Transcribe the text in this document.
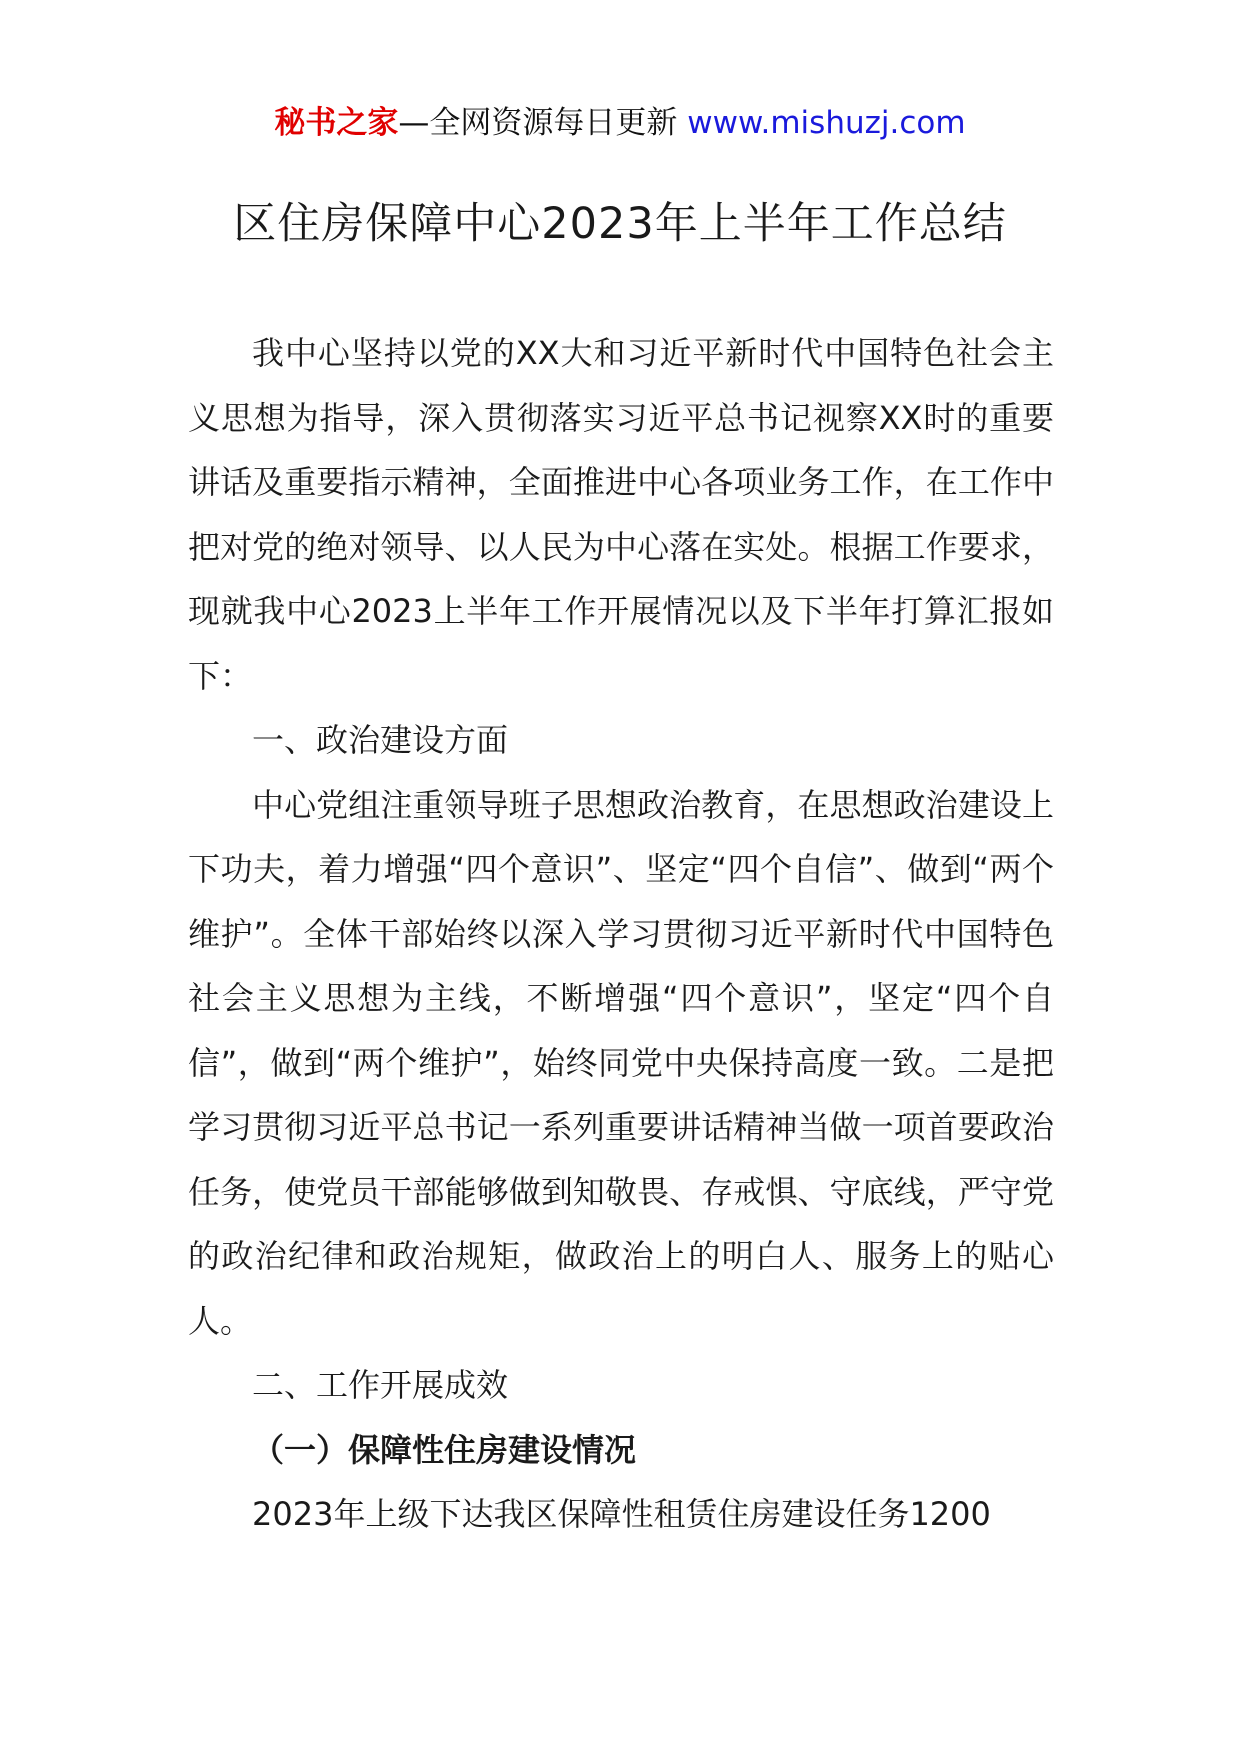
秘书之家—全网资源每日更新 www.mishuzj.com
区住房保障中心2023年上半年工作总结

我中心坚持以党的XX大和习近平新时代中国特色社会主义思想为指导，深入贯彻落实习近平总书记视察XX时的重要讲话及重要指示精神，全面推进中心各项业务工作，在工作中把对党的绝对领导、以人民为中心落在实处。根据工作要求，现就我中心2023上半年工作开展情况以及下半年打算汇报如下：

一、政治建设方面

中心党组注重领导班子思想政治教育，在思想政治建设上下功夫，着力增强“四个意识”、坚定“四个自信”、做到“两个维护”。全体干部始终以深入学习贯彻习近平新时代中国特色社会主义思想为主线，不断增强“四个意识”，坚定“四个自信”，做到“两个维护”，始终同党中央保持高度一致。二是把学习贯彻习近平总书记一系列重要讲话精神当做一项首要政治任务，使党员干部能够做到知敬畏、存戒惧、守底线，严守党的政治纪律和政治规矩，做政治上的明白人、服务上的贴心人。

二、工作开展成效

（一）保障性住房建设情况

2023年上级下达我区保障性租赁住房建设任务1200
